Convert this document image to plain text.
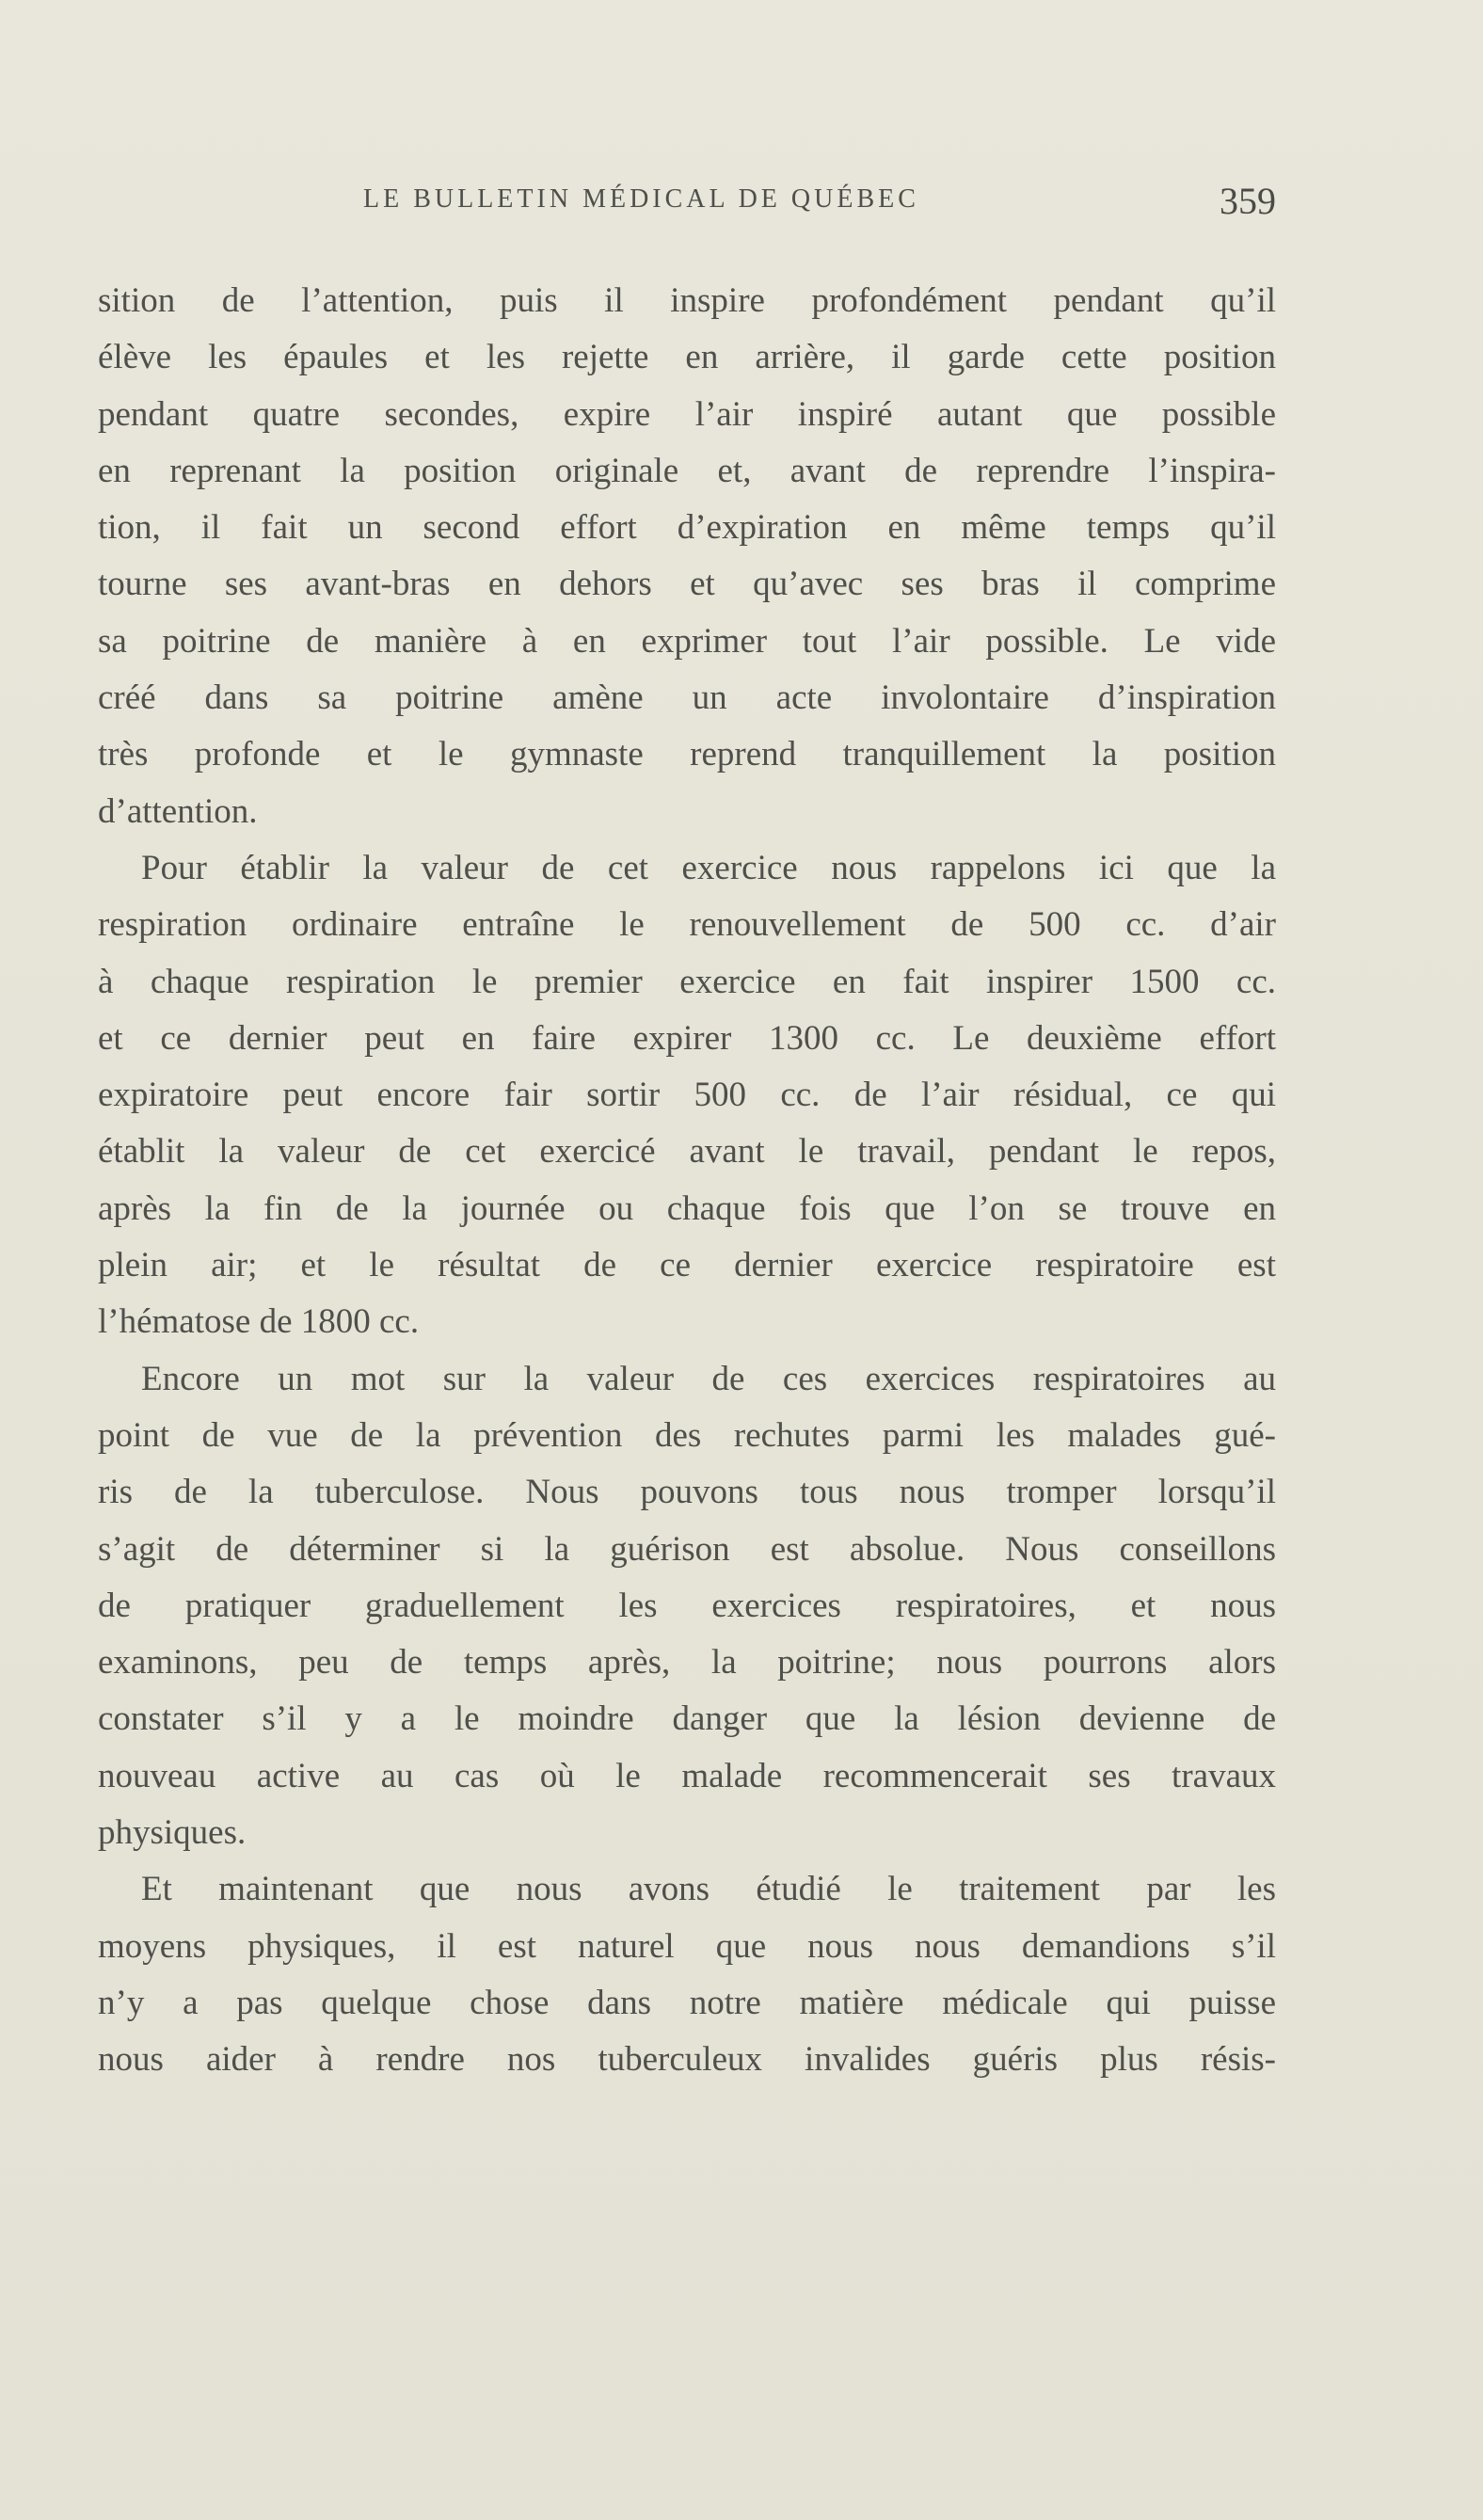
LE BULLETIN MÉDICAL DE QUÉBEC	359
sition de l’attention, puis il inspire profondément pendant qu’il
élève les épaules et les rejette en arrière, il garde cette position
pendant quatre secondes, expire l’air inspiré autant que possible
en reprenant la position originale et, avant de reprendre l’inspira-
tion, il fait un second effort d’expiration en même temps qu’il
tourne ses avant-bras en dehors et qu’avec ses bras il comprime
sa poitrine de manière à en exprimer tout l’air possible. Le vide
créé dans sa poitrine amène un acte involontaire d’inspiration
très profonde et le gymnaste reprend tranquillement la position
d’attention.
Pour établir la valeur de cet exercice nous rappelons ici que la
respiration ordinaire entraîne le renouvellement de 500 cc. d’air
à chaque respiration le premier exercice en fait inspirer 1500 cc.
et ce dernier peut en faire expirer 1300 cc. Le deuxième effort
expiratoire peut encore fair sortir 500 cc. de l’air résidual, ce qui
établit la valeur de cet exercicé avant le travail, pendant le repos,
après la fin de la journée ou chaque fois que l’on se trouve en
plein air; et le résultat de ce dernier exercice respiratoire est
l’hématose de 1800 cc.
Encore un mot sur la valeur de ces exercices respiratoires au
point de vue de la prévention des rechutes parmi les malades gué-
ris de la tuberculose. Nous pouvons tous nous tromper lorsqu’il
s’agit de déterminer si la guérison est absolue. Nous conseillons
de pratiquer graduellement les exercices respiratoires, et nous
examinons, peu de temps après, la poitrine; nous pourrons alors
constater s’il y a le moindre danger que la lésion devienne de
nouveau active au cas où le malade recommencerait ses travaux
physiques.
Et maintenant que nous avons étudié le traitement par les
moyens physiques, il est naturel que nous nous demandions s’il
n’y a pas quelque chose dans notre matière médicale qui puisse
nous aider à rendre nos tuberculeux invalides guéris plus résis-
